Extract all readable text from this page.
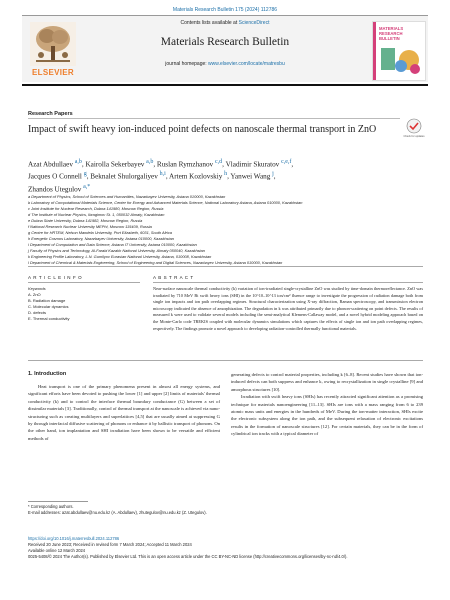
Materials Research Bulletin 175 (2024) 112786
ELSEVIER
Contents lists available at ScienceDirect
Materials Research Bulletin
journal homepage: www.elsevier.com/locate/matresbu
MATERIALS
RESEARCH
BULLETIN
Research Papers
Check for updates
Impact of swift heavy ion-induced point defects on nanoscale thermal transport in ZnO
Azat Abdullaev $^{a,b}$, Kairolla Sekerbayev $^{a,b}$, Ruslan Rymzhanov $^{c,d}$, Vladimir Skuratov $^{c,e,f}$,
Jacques O Connell $^g$, Beknalet Shulorgaliyev $^{h,i}$, Artem Kozlovskiy $^h$, Yanwei Wang $^j$,
Zhandos Utegulov $^{a,*}$

a Department of Physics, School of Sciences and Humanities, Nazarbayev University, Astana 010000, Kazakhstan

b Laboratory of Computational Materials Science, Center for Energy and Advanced Materials Science, National Laboratory Astana, Astana 010000, Kazakhstan

c Joint Institute for Nuclear Research, Dubna 141980, Moscow Region, Russia

d The Institute of Nuclear Physics, Ibragimov St. 1, 050032 Almaty, Kazakhstan

e Dubna State University, Dubna 141982, Moscow Region, Russia

f National Research Nuclear University MEPhI, Moscow 115409, Russia

g Centre for HRTEM, Nelson Mandela University, Port Elizabeth, 6031, South Africa

h Energetic Cosmos Laboratory, Nazarbayev University, Astana 010000, Kazakhstan

i Department of Computation and Data Science, Astana IT University, Astana 010000, Kazakhstan

j Faculty of Physics and Technology, Al-Farabi Kazakh National University, Almaty 050040, Kazakhstan

k Engineering Profile Laboratory, L.N. Gumilyov Eurasian National University, Astana, 010008, Kazakhstan

l Department of Chemical & Materials Engineering, School of Engineering and Digital Sciences, Nazarbayev University, Astana 010000, Kazakhstan

A R T I C L E I N F O	A B S T R A C T
Keywords
A. ZnO
B. Radiation damage
C. Molecular dynamics
D. defects
E. Thermal conductivity
Near-surface nanoscale thermal conductivity (k) variation of ion-irradiated single-crystalline ZnO was studied by time-domain thermoreflectance. ZnO was irradiated by 710 MeV Bi swift heavy ions (SHI) in the 10^10–10^13 ion/cm² fluence range to investigate the progression of radiation damage both from single ion impacts and ion path overlapping regimes. Structural characterization using X-ray diffraction, Raman spectroscopy, and transmission electron microscopy indicated the absence of amorphization. The degradation in k was attributed primarily due to phonon-scattering on point defects. The results of measured k were used to validate several models including the semi-analytical Klemens-Callaway model, and a novel hybrid modeling approach based on the Monte-Carlo code TREKIS coupled with molecular dynamics simulations which captures the effects of single ion and ion path overlapping regimes, respectively. The findings promote a novel approach to developing radiation-controlled thermally functional materials.
1. Introduction

Heat transport is one of the primary phenomena present in almost all energy systems, and significant efforts have been devoted to pushing the lower [1] and upper [2] limits of materials' thermal conductivity (k) and to control the interface thermal boundary conductance (G) between a set of dissimilar materials [3]. Traditionally, control of thermal transport at the nanoscale is achieved via nano-structuring such as creating multilayers and superlattices [4,5] that are usually aimed at suppressing G by through interfacial diffusive scattering of phonons or enhance it by ballistic transport of phonons. On the other hand, ion implantation and SHI irradiation have been shown to be versatile and efficient methods of

generating defects to control material properties, including k [6–8]. Recent studies have shown that ion-induced defects can both suppress and enhance k, owing to recrystallization in single crystalline [9] and amorphous structures [10].

Irradiation with swift heavy ions (SHIs) has recently attracted significant attention as a promising technique for materials nanoengineering [11–13]. SHIs are ions with a mass ranging from 6 to 239 atomic mass units and energies in the hundreds of MeV. During the ion-matter interaction, SHIs excite the electronic subsystem along the ion path, and the subsequent relaxation of electronic excitations results in the formation of nanoscale structures [12]. For certain materials, they can be in the form of cylindrical ion tracks with a typical diameter of

* Corresponding authors.

E-mail addresses: azat.abdullaev@nu.edu.kz (A. Abdullaev), zhutegulov@nu.edu.kz (Z. Utegulov).

https://doi.org/10.1016/j.materresbull.2024.112786

Received 20 June 2023; Received in revised form 7 March 2024; Accepted 11 March 2024

Available online 12 March 2024

0025-5408/© 2024 The Author(s). Published by Elsevier Ltd. This is an open access article under the CC BY-NC-ND license (http://creativecommons.org/licenses/by-nc-nd/4.0/).
